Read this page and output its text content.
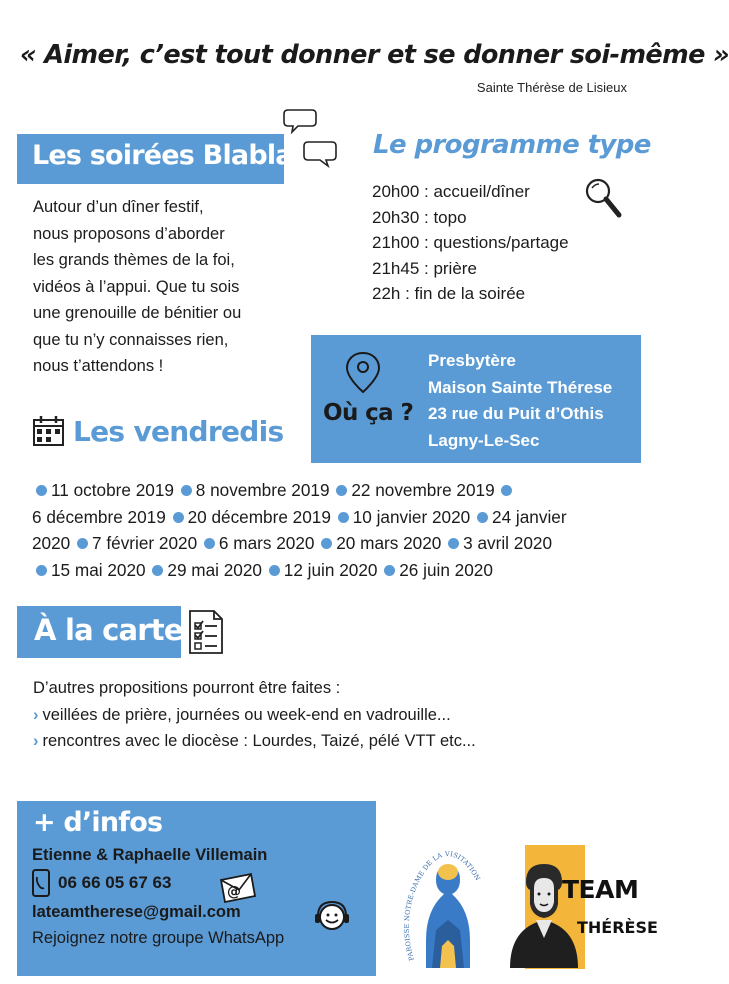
« Aimer, c’est tout donner et se donner soi-même »
Sainte Thérèse de Lisieux
Les soirées Blabla
Autour d’un dîner festif,
nous proposons d’aborder
les grands thèmes de la foi,
vidéos à l’appui. Que tu sois
une grenouille de bénitier ou
que tu n’y connaisses rien,
nous t’attendons !
Le programme type
20h00 : accueil/dîner
20h30 : topo
21h00 : questions/partage
21h45 : prière
22h : fin de la soirée
Où ça ?
Presbytère
Maison Sainte Thérese
23 rue du Puit d’Othis
Lagny-Le-Sec
Les vendredis
11 octobre 2019 8 novembre 2019 22 novembre 2019
6 décembre 2019 20 décembre 2019 10 janvier 2020 24 janvier
2020 7 février 2020 6 mars 2020 20 mars 2020 3 avril 2020
15 mai 2020 29 mai 2020 12 juin 2020 26 juin 2020
À la carte
D’autres propositions pourront être faites :
› veillées de prière, journées ou week-end en vadrouille...
› rencontres avec le diocèse : Lourdes, Taizé, pélé VTT etc...
+ d’infos
Etienne & Raphaelle Villemain
06 66 05 67 63	@
lateamtherese@gmail.com
Rejoignez notre groupe WhatsApp
PAROISSE NOTRE-DAME DE LA VISITATION	TEAM
THÉRÈSE
